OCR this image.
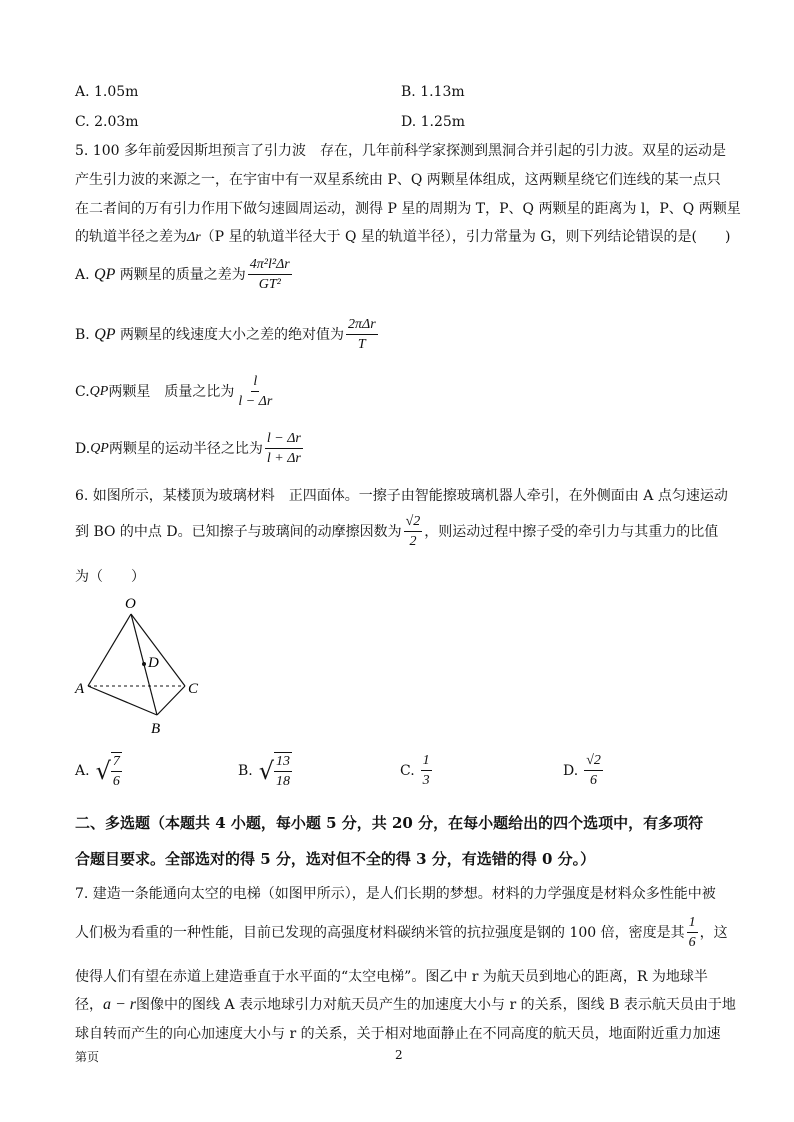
A. 1.05m	B. 1.13m
C. 2.03m	D. 1.25m
5. 100 多年前爱因斯坦预言了引力波　存在，几年前科学家探测到黑洞合并引起的引力波。双星的运动是
产生引力波的来源之一，在宇宙中有一双星系统由 P、Q 两颗星体组成，这两颗星绕它们连线的某一点只
在二者间的万有引力作用下做匀速圆周运动，测得 P 星的周期为 T，P、Q 两颗星的距离为 l，P、Q 两颗星
的轨道半径之差为Δr（P 星的轨道半径大于 Q 星的轨道半径），引力常量为 G，则下列结论错误的是(　　)
A.
QP
两颗星的质量之差为 $\frac{\text{4π²l²Δr}}{\text{GT²}}$
B.
QP
两颗星的线速度大小之差的绝对值为 $\frac{\text{2πΔr}}{T}$
C. QP 两颗星　质量之比为 $\frac{l}{l - \Delta r}$
D. QP 两颗星的运动半径之比为 $\frac{l - \Delta r}{l + \Delta r}$
6. 如图所示，某楼顶为玻璃材料　正四面体。一擦子由智能擦玻璃机器人牵引，在外侧面由 A 点匀速运动
到 BO 的中点 D。已知擦子与玻璃间的动摩擦因数为 $\frac{√2}{2}$ ，则运动过程中擦子受的牵引力与其重力的比值
为（　　）
O
D
A	C
B
A. √ $\frac{7}{6}$	B. √ $\frac{13}{18}$	C. $\frac{1}{3}$	D. $\frac{√2}{6}$
二、多选题（本题共 4 小题，每小题 5 分，共 20 分，在每小题给出的四个选项中，有多项符
合题目要求。全部选对的得 5 分，选对但不全的得 3 分，有选错的得 0 分。）
7. 建造一条能通向太空的电梯（如图甲所示），是人们长期的梦想。材料的力学强度是材料众多性能中被
人们极为看重的一种性能，目前已发现的高强度材料碳纳米管的抗拉强度是钢的 100 倍，密度是其 $\frac{1}{6}$ ，这
使得人们有望在赤道上建造垂直于水平面的“太空电梯”。图乙中 r 为航天员到地心的距离，R 为地球半
径，a − r图像中的图线 A 表示地球引力对航天员产生的加速度大小与 r 的关系，图线 B 表示航天员由于地
球自转而产生的向心加速度大小与 r 的关系，关于相对地面静止在不同高度的航天员，地面附近重力加速
第页	2
